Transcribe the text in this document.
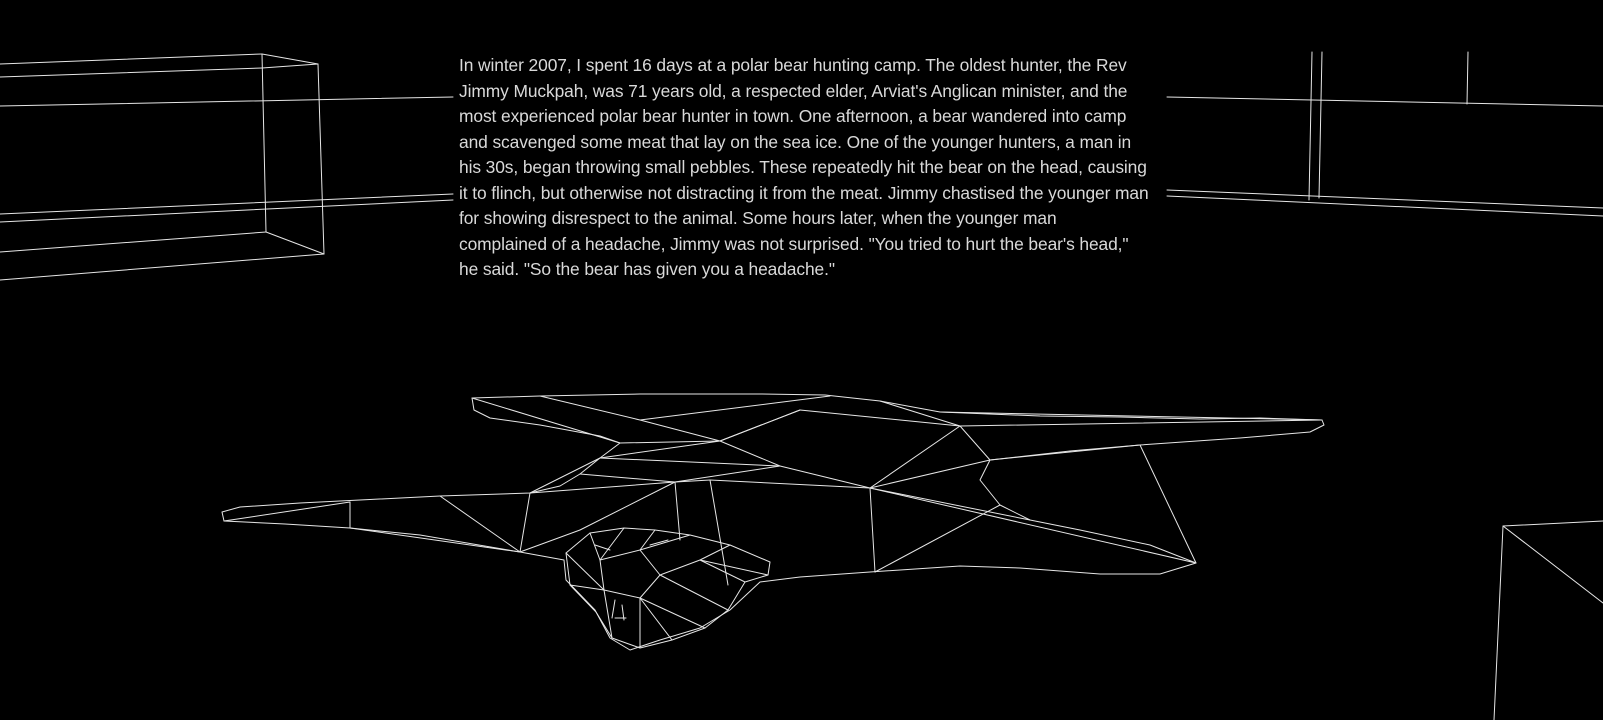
In winter 2007, I spent 16 days at a polar bear hunting camp. The oldest hunter, the Rev Jimmy Muckpah, was 71 years old, a respected elder, Arviat's Anglican minister, and the most experienced polar bear hunter in town. One afternoon, a bear wandered into camp and scavenged some meat that lay on the sea ice. One of the younger hunters, a man in his 30s, began throwing small pebbles. These repeatedly hit the bear on the head, causing it to flinch, but otherwise not distracting it from the meat. Jimmy chastised the younger man for showing disrespect to the animal. Some hours later, when the younger man complained of a headache, Jimmy was not surprised. "You tried to hurt the bear's head," he said. "So the bear has given you a headache."
